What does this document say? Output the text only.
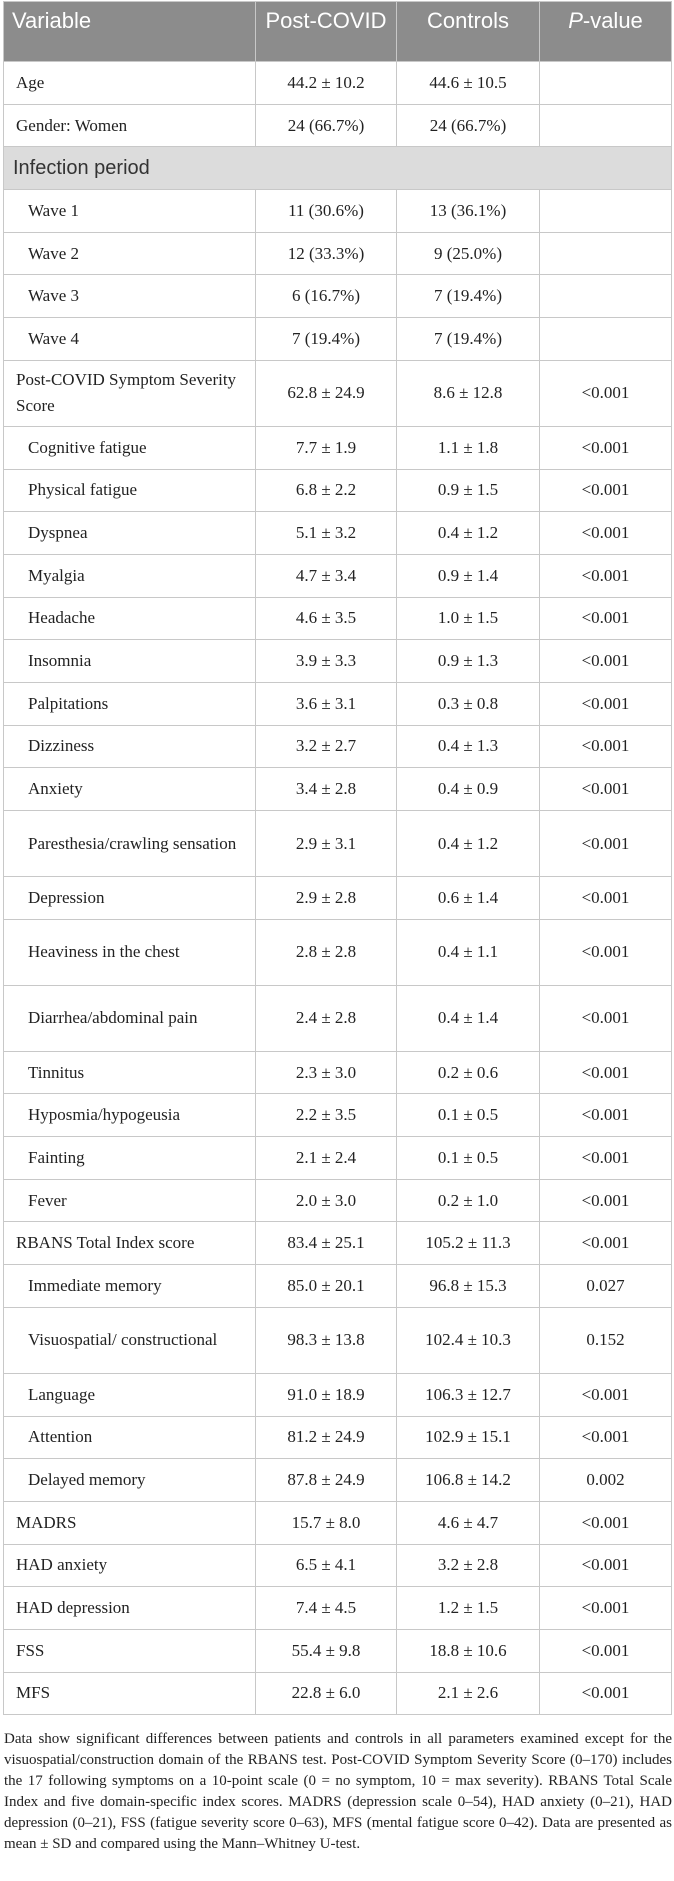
Variable	Post-COVID	Controls	P-value
Age	44.2 ± 10.2	44.6 ± 10.5	
Gender: Women	24 (66.7%)	24 (66.7%)	
Infection period			
Wave 1	11 (30.6%)	13 (36.1%)	
Wave 2	12 (33.3%)	9 (25.0%)	
Wave 3	6 (16.7%)	7 (19.4%)	
Wave 4	7 (19.4%)	7 (19.4%)	
Post-COVID Symptom Severity Score	62.8 ± 24.9	8.6 ± 12.8	<0.001
Cognitive fatigue	7.7 ± 1.9	1.1 ± 1.8	<0.001
Physical fatigue	6.8 ± 2.2	0.9 ± 1.5	<0.001
Dyspnea	5.1 ± 3.2	0.4 ± 1.2	<0.001
Myalgia	4.7 ± 3.4	0.9 ± 1.4	<0.001
Headache	4.6 ± 3.5	1.0 ± 1.5	<0.001
Insomnia	3.9 ± 3.3	0.9 ± 1.3	<0.001
Palpitations	3.6 ± 3.1	0.3 ± 0.8	<0.001
Dizziness	3.2 ± 2.7	0.4 ± 1.3	<0.001
Anxiety	3.4 ± 2.8	0.4 ± 0.9	<0.001
Paresthesia/crawling sensation	2.9 ± 3.1	0.4 ± 1.2	<0.001
Depression	2.9 ± 2.8	0.6 ± 1.4	<0.001
Heaviness in the chest	2.8 ± 2.8	0.4 ± 1.1	<0.001
Diarrhea/abdominal pain	2.4 ± 2.8	0.4 ± 1.4	<0.001
Tinnitus	2.3 ± 3.0	0.2 ± 0.6	<0.001
Hyposmia/hypogeusia	2.2 ± 3.5	0.1 ± 0.5	<0.001
Fainting	2.1 ± 2.4	0.1 ± 0.5	<0.001
Fever	2.0 ± 3.0	0.2 ± 1.0	<0.001
RBANS Total Index score	83.4 ± 25.1	105.2 ± 11.3	<0.001
Immediate memory	85.0 ± 20.1	96.8 ± 15.3	0.027
Visuospatial/ constructional	98.3 ± 13.8	102.4 ± 10.3	0.152
Language	91.0 ± 18.9	106.3 ± 12.7	<0.001
Attention	81.2 ± 24.9	102.9 ± 15.1	<0.001
Delayed memory	87.8 ± 24.9	106.8 ± 14.2	0.002
MADRS	15.7 ± 8.0	4.6 ± 4.7	<0.001
HAD anxiety	6.5 ± 4.1	3.2 ± 2.8	<0.001
HAD depression	7.4 ± 4.5	1.2 ± 1.5	<0.001
FSS	55.4 ± 9.8	18.8 ± 10.6	<0.001
MFS	22.8 ± 6.0	2.1 ± 2.6	<0.001
Data show significant differences between patients and controls in all parameters examined except for the visuospatial/construction domain of the RBANS test. Post-COVID Symptom Severity Score (0–170) includes the 17 following symptoms on a 10-point scale (0 = no symptom, 10 = max severity). RBANS Total Scale Index and five domain-specific index scores. MADRS (depression scale 0–54), HAD anxiety (0–21), HAD depression (0–21), FSS (fatigue severity score 0–63), MFS (mental fatigue score 0–42). Data are presented as mean ± SD and compared using the Mann–Whitney U-test.
